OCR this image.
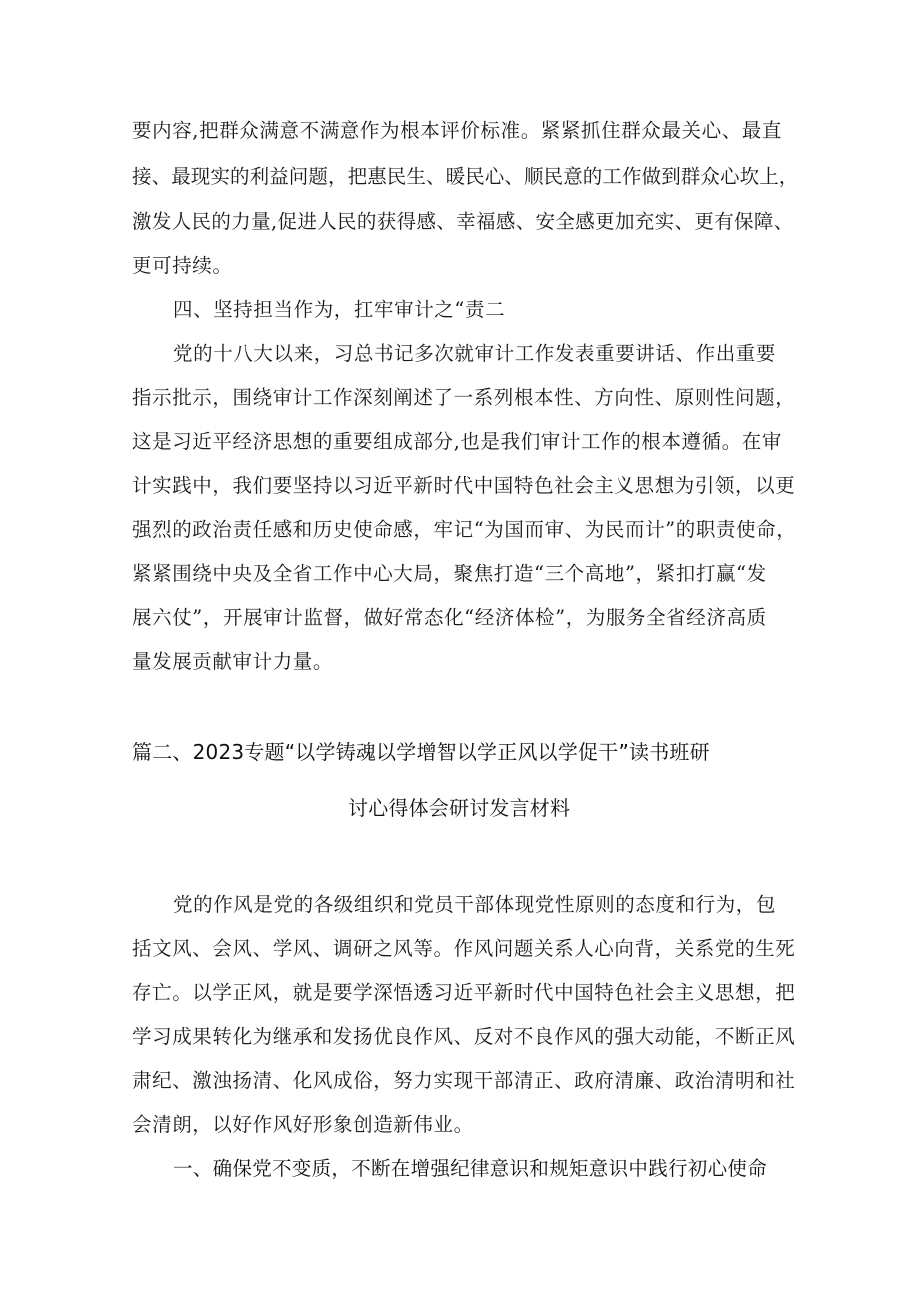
要内容,把群众满意不满意作为根本评价标准。紧紧抓住群众最关心、最直
接、最现实的利益问题，把惠民生、暖民心、顺民意的工作做到群众心坎上，
激发人民的力量,促进人民的获得感、幸福感、安全感更加充实、更有保障、
更可持续。
四、坚持担当作为，扛牢审计之“责二
党的十八大以来，习总书记多次就审计工作发表重要讲话、作出重要
指示批示，围绕审计工作深刻阐述了一系列根本性、方向性、原则性问题，
这是习近平经济思想的重要组成部分,也是我们审计工作的根本遵循。在审
计实践中，我们要坚持以习近平新时代中国特色社会主义思想为引领，以更
强烈的政治责任感和历史使命感，牢记“为国而审、为民而计”的职责使命，
紧紧围绕中央及全省工作中心大局，聚焦打造“三个高地”，紧扣打赢“发
展六仗”，开展审计监督，做好常态化“经济体检”，为服务全省经济高质
量发展贡献审计力量。
篇二、2023专题“以学铸魂以学增智以学正风以学促干”读书班研
讨心得体会研讨发言材料
党的作风是党的各级组织和党员干部体现党性原则的态度和行为，包
括文风、会风、学风、调研之风等。作风问题关系人心向背，关系党的生死
存亡。以学正风，就是要学深悟透习近平新时代中国特色社会主义思想，把
学习成果转化为继承和发扬优良作风、反对不良作风的强大动能，不断正风
肃纪、激浊扬清、化风成俗，努力实现干部清正、政府清廉、政治清明和社
会清朗，以好作风好形象创造新伟业。
一、确保党不变质，不断在增强纪律意识和规矩意识中践行初心使命
